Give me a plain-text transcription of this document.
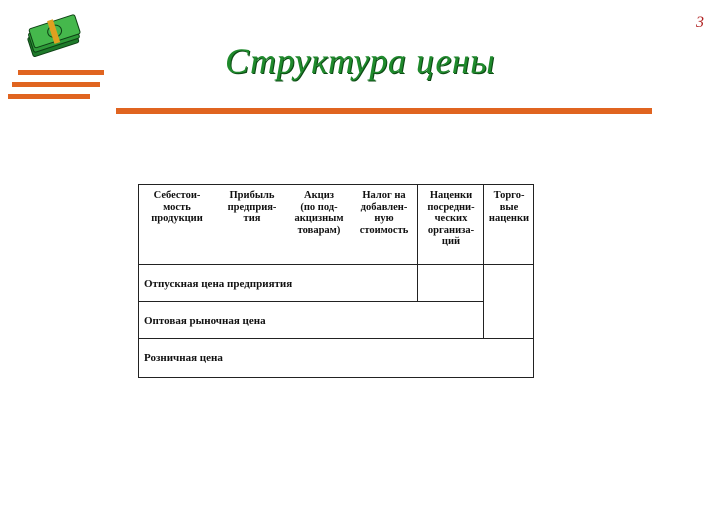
3
Структура цены
Себестои-
мость
продукции
Прибыль
предприя-
тия
Акциз
(по под-
акцизным
товарам)
Налог на
добавлен-
ную
стоимость
Наценки
посредни-
ческих
организа-
ций
Торго-
вые
наценки
Отпускная цена предприятия
Оптовая рыночная цена
Розничная цена
